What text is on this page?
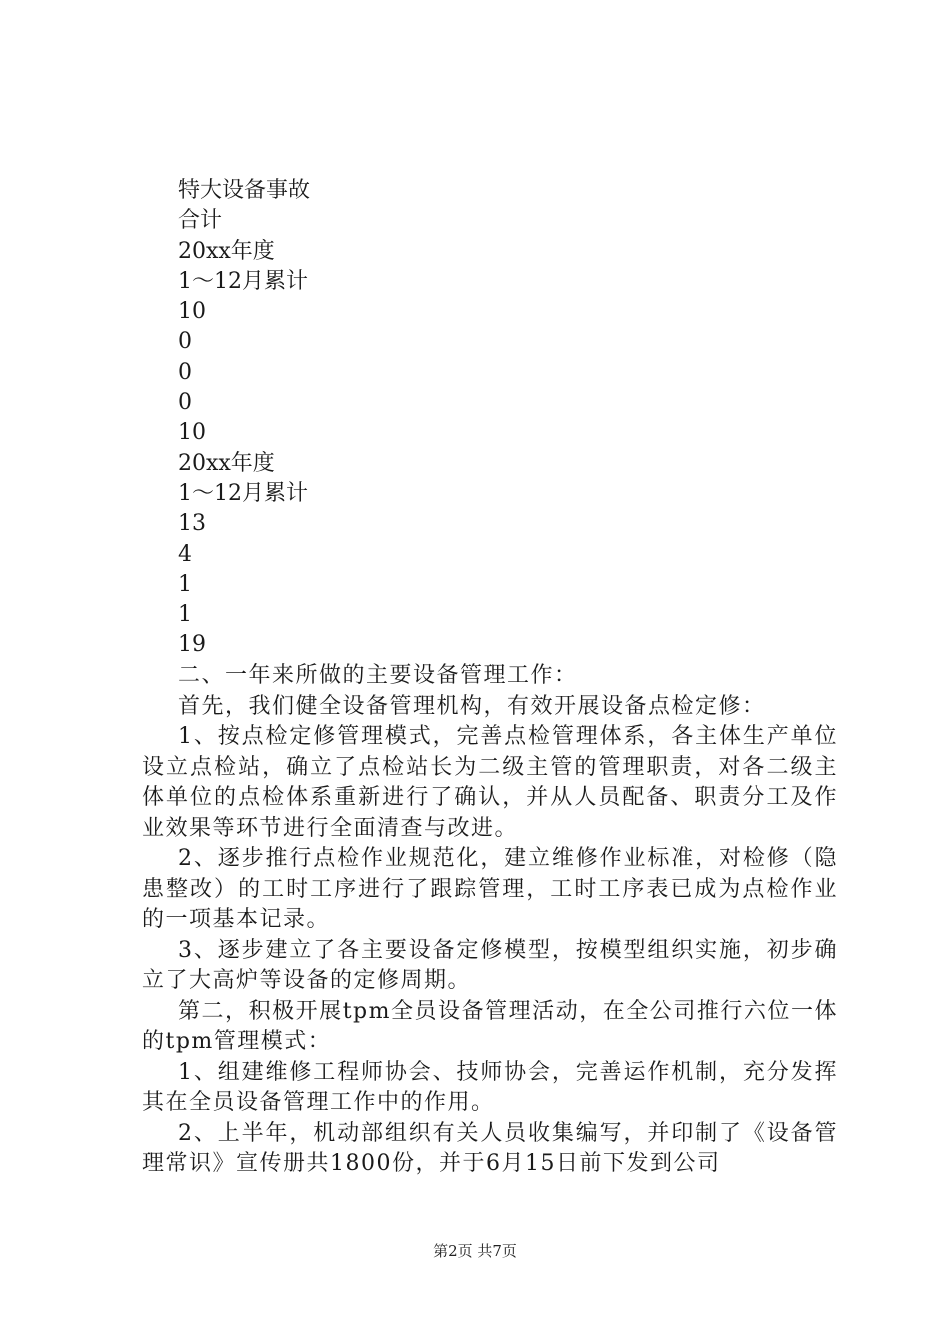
特大设备事故
合计
20xx年度
1～12月累计
10
0
0
0
10
20xx年度
1～12月累计
13
4
1
1
19

二、一年来所做的主要设备管理工作：

首先，我们健全设备管理机构，有效开展设备点检定修：

1、按点检定修管理模式，完善点检管理体系，各主体生产单位设立点检站，确立了点检站长为二级主管的管理职责，对各二级主体单位的点检体系重新进行了确认，并从人员配备、职责分工及作业效果等环节进行全面清查与改进。

2、逐步推行点检作业规范化，建立维修作业标准，对检修（隐患整改）的工时工序进行了跟踪管理，工时工序表已成为点检作业的一项基本记录。

3、逐步建立了各主要设备定修模型，按模型组织实施，初步确立了大高炉等设备的定修周期。

第二，积极开展tpm全员设备管理活动，在全公司推行六位一体的tpm管理模式：

1、组建维修工程师协会、技师协会，完善运作机制，充分发挥其在全员设备管理工作中的作用。

2、上半年，机动部组织有关人员收集编写，并印制了《设备管理常识》宣传册共1800份，并于6月15日前下发到公司

第2页 共7页
